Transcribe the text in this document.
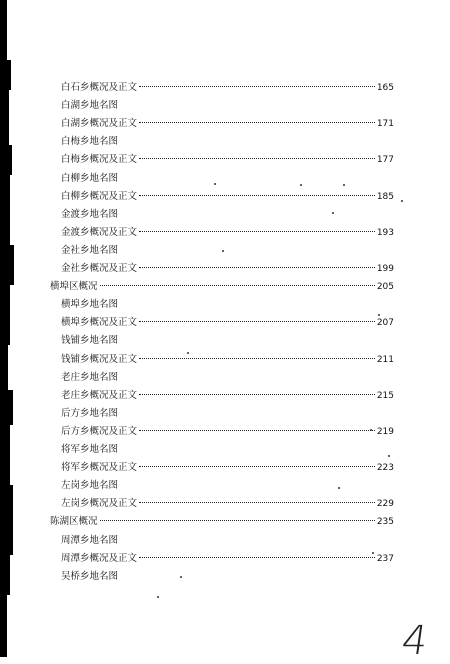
白石乡概况及正文	165
白湖乡地名图
白湖乡概况及正文	171
白梅乡地名图
白梅乡概况及正文	177
白柳乡地名图
白柳乡概况及正文	185
金渡乡地名图
金渡乡概况及正文	193
金社乡地名图
金社乡概况及正文	199
横埠区概况	205
横埠乡地名图
横埠乡概况及正文	207
钱铺乡地名图
钱铺乡概况及正文	211
老庄乡地名图
老庄乡概况及正文	215
后方乡地名图
后方乡概况及正文	219
将军乡地名图
将军乡概况及正文	223
左岗乡地名图
左岗乡概况及正文	229
陈湖区概况	235
周潭乡地名图
周潭乡概况及正文	237
吴桥乡地名图
4
